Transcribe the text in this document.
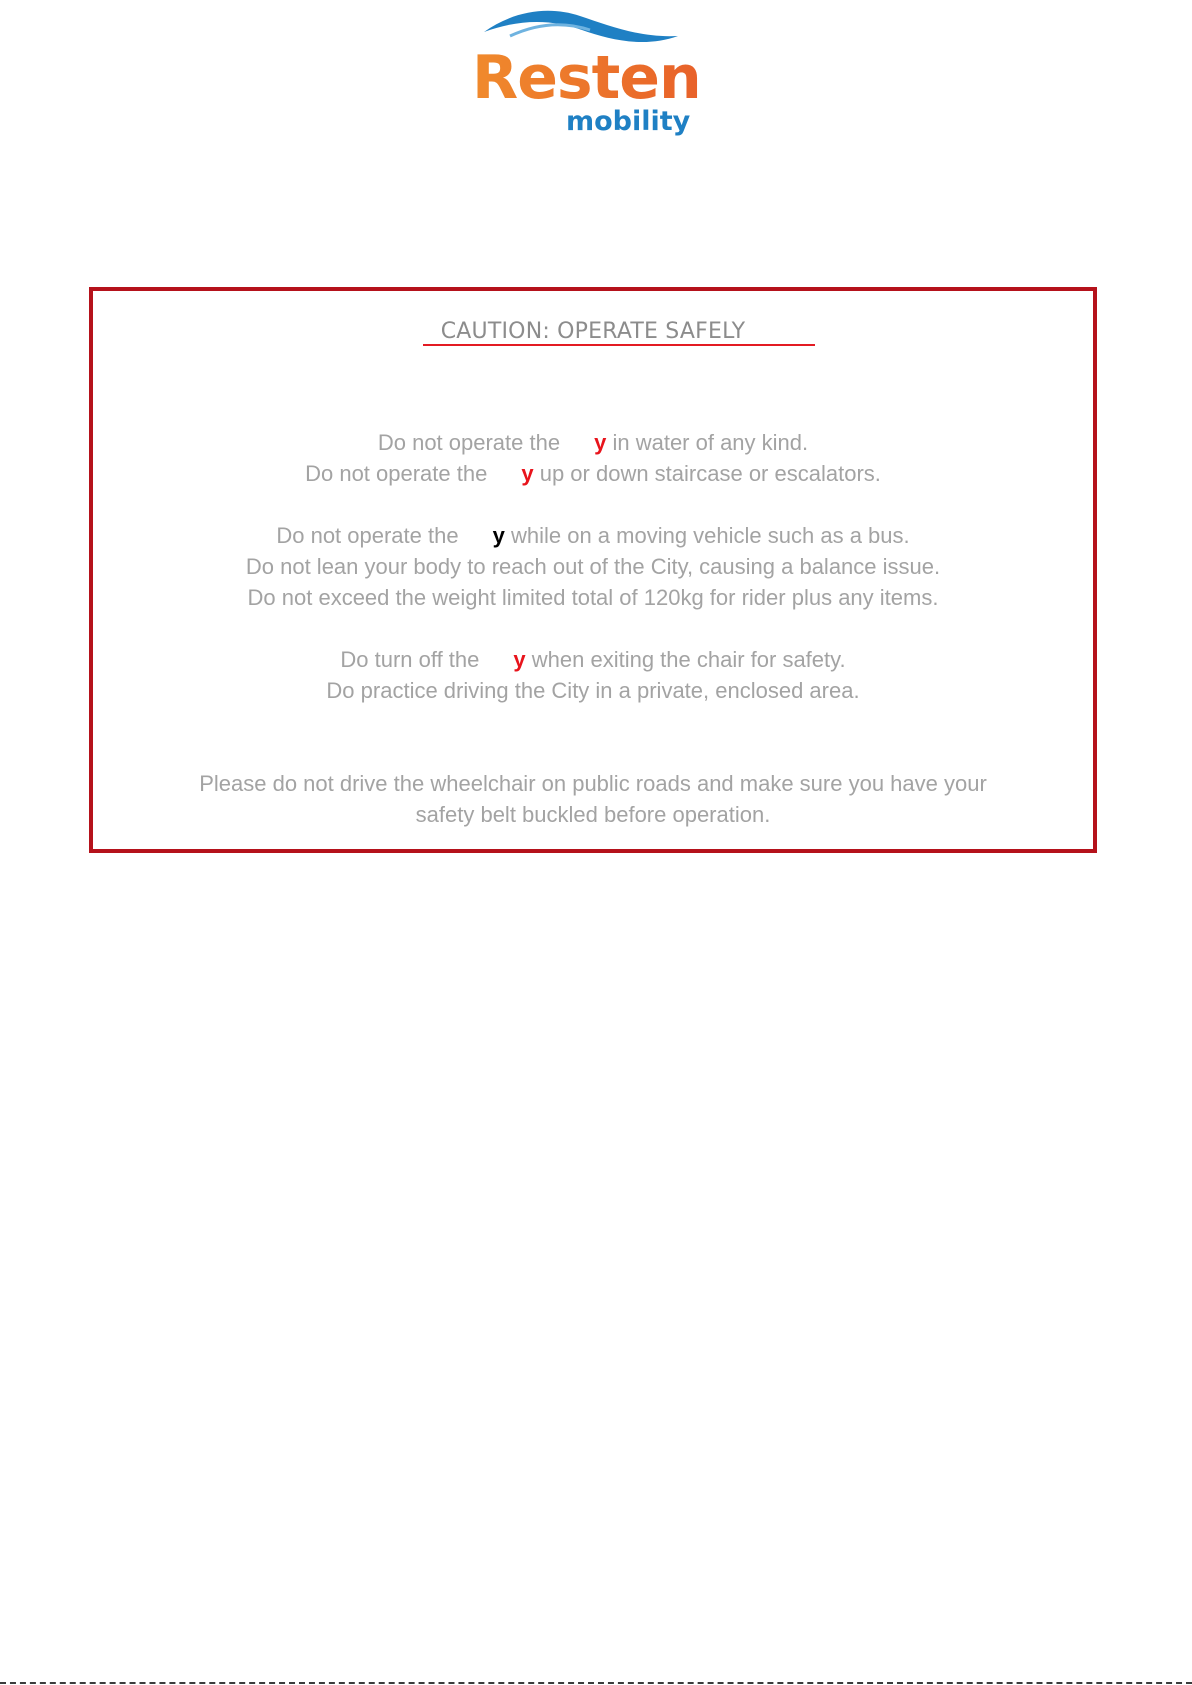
Resten
mobility
CAUTION: OPERATE SAFELY
Do not operate the y in water of any kind.
Do not operate the y up or down staircase or escalators.
Do not operate the y while on a moving vehicle such as a bus.
Do not lean your body to reach out of the City, causing a balance issue.
Do not exceed the weight limited total of 120kg for rider plus any items.
Do turn off the y when exiting the chair for safety.
Do practice driving the City in a private, enclosed area.
Please do not drive the wheelchair on public roads and make sure you have your
safety belt buckled before operation.
